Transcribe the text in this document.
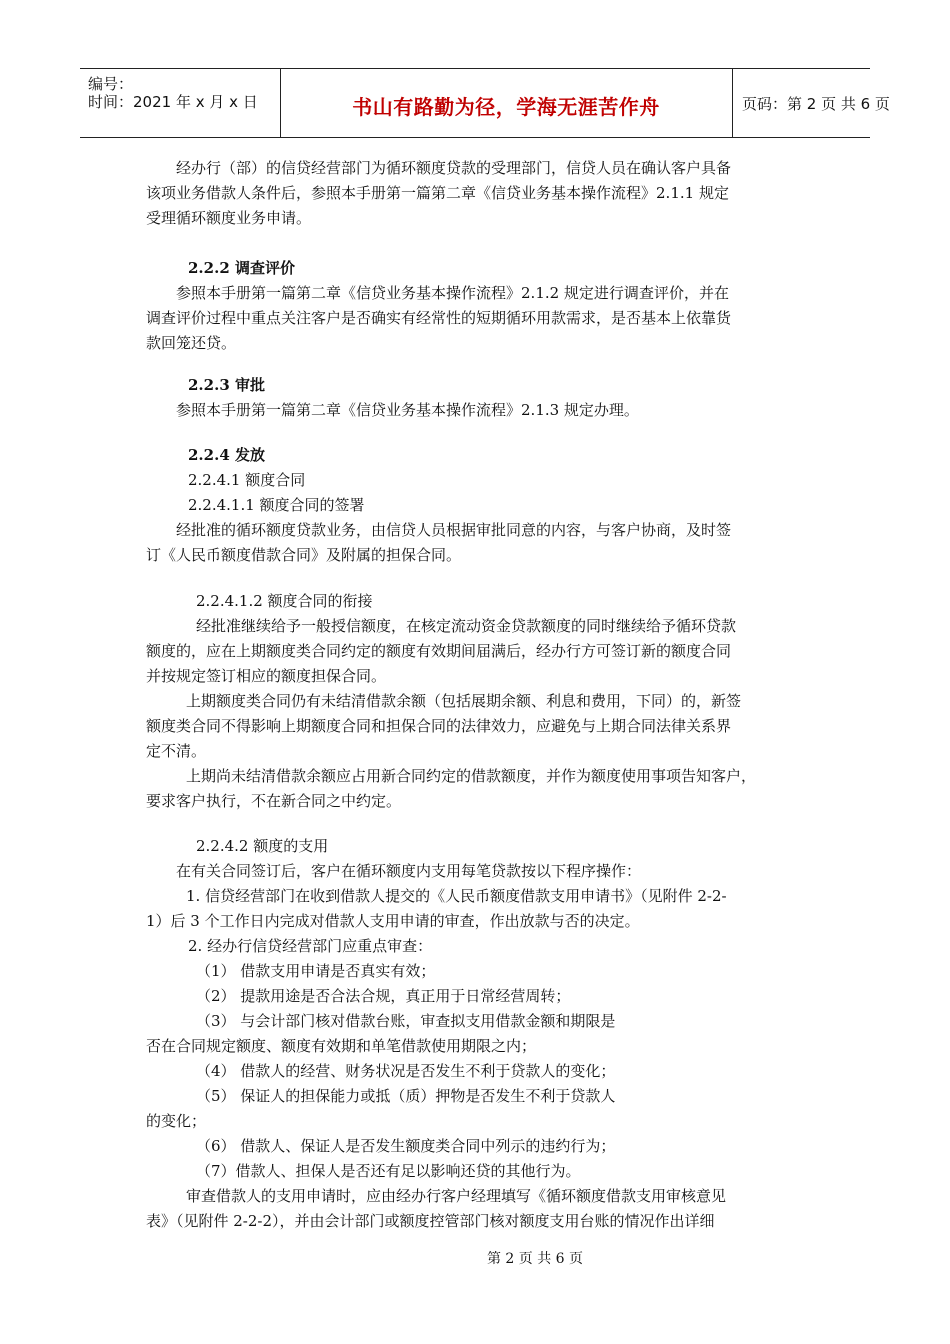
编号：
时间：2021 年 x 月 x 日	书山有路勤为径，学海无涯苦作舟	页码：第 2 页 共 6 页
经办行（部）的信贷经营部门为循环额度贷款的受理部门，信贷人员在确认客户具备
该项业务借款人条件后，参照本手册第一篇第二章《信贷业务基本操作流程》2.1.1 规定
受理循环额度业务申请。
2.2.2 调查评价
参照本手册第一篇第二章《信贷业务基本操作流程》2.1.2 规定进行调查评价，并在
调查评价过程中重点关注客户是否确实有经常性的短期循环用款需求，是否基本上依靠货
款回笼还贷。
2.2.3 审批
参照本手册第一篇第二章《信贷业务基本操作流程》2.1.3 规定办理。
2.2.4 发放
2.2.4.1 额度合同
2.2.4.1.1 额度合同的签署
经批准的循环额度贷款业务，由信贷人员根据审批同意的内容，与客户协商，及时签
订《人民币额度借款合同》及附属的担保合同。
2.2.4.1.2 额度合同的衔接
经批准继续给予一般授信额度，在核定流动资金贷款额度的同时继续给予循环贷款
额度的，应在上期额度类合同约定的额度有效期间届满后，经办行方可签订新的额度合同
并按规定签订相应的额度担保合同。
上期额度类合同仍有未结清借款余额（包括展期余额、利息和费用，下同）的，新签
额度类合同不得影响上期额度合同和担保合同的法律效力，应避免与上期合同法律关系界
定不清。
上期尚未结清借款余额应占用新合同约定的借款额度，并作为额度使用事项告知客户，
要求客户执行，不在新合同之中约定。
2.2.4.2 额度的支用
在有关合同签订后，客户在循环额度内支用每笔贷款按以下程序操作：
1. 信贷经营部门在收到借款人提交的《人民币额度借款支用申请书》（见附件 2-2-
1）后 3 个工作日内完成对借款人支用申请的审查，作出放款与否的决定。
2. 经办行信贷经营部门应重点审查：
（1） 借款支用申请是否真实有效；
（2） 提款用途是否合法合规，真正用于日常经营周转；
（3） 与会计部门核对借款台账，审查拟支用借款金额和期限是
否在合同规定额度、额度有效期和单笔借款使用期限之内；
（4） 借款人的经营、财务状况是否发生不利于贷款人的变化；
（5） 保证人的担保能力或抵（质）押物是否发生不利于贷款人
的变化；
（6） 借款人、保证人是否发生额度类合同中列示的违约行为；
（7）借款人、担保人是否还有足以影响还贷的其他行为。
审查借款人的支用申请时，应由经办行客户经理填写《循环额度借款支用审核意见
表》（见附件 2-2-2），并由会计部门或额度控管部门核对额度支用台账的情况作出详细
第 2 页 共 6 页
